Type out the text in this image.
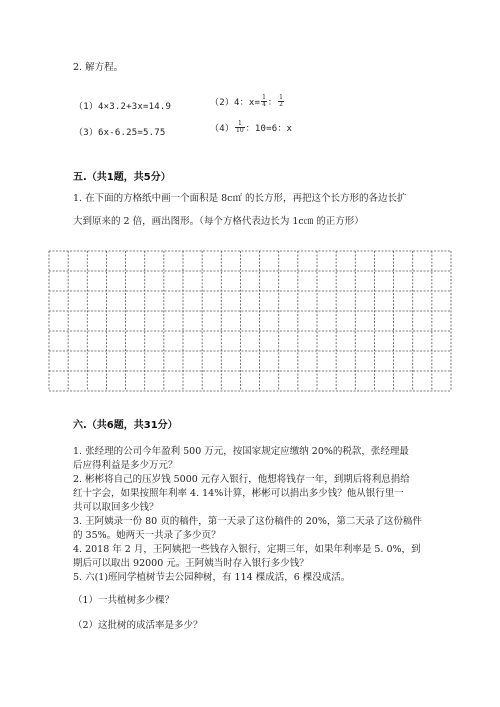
2. 解方程。
（1）4×3.2+3x=14.9	（2）4：$x= \frac{1}{4}$ ： $\frac{1}{2}$
（3）6x-6.25=5.75	$(4) \frac{1}{10}$ ：10=6：x
五.（共1题，共5分）
1. 在下面的方格纸中画一个面积是 8c㎡ 的长方形，再把这个长方形的各边长扩
大到原来的 2 倍，画出图形。（每个方格代表边长为 1c㎝ 的正方形）
六.（共6题，共31分）
1. 张经理的公司今年盈利 500 万元，按国家规定应缴纳 20%的税款，张经理最
后应得利益是多少万元？
2. 彬彬将自己的压岁钱 5000 元存入银行，他想将钱存一年，到期后将利息捐给
红十字会，如果按照年利率 4. 14%计算，彬彬可以捐出多少钱？他从银行里一
共可以取回多少钱？
3. 王阿姨录一份 80 页的稿件，第一天录了这份稿件的 20%，第二天录了这份稿件
的 35%。她两天一共录了多少页？
4. 2018 年 2 月，王阿姨把一些钱存入银行，定期三年，如果年利率是 5. 0%，到
期后可以取出 92000 元。王阿姨当时存入银行多少钱？
5. 六(1)班同学植树节去公园种树，有 114 棵成活，6 棵没成活。
（1）一共植树多少棵？
（2）这批树的成活率是多少？
